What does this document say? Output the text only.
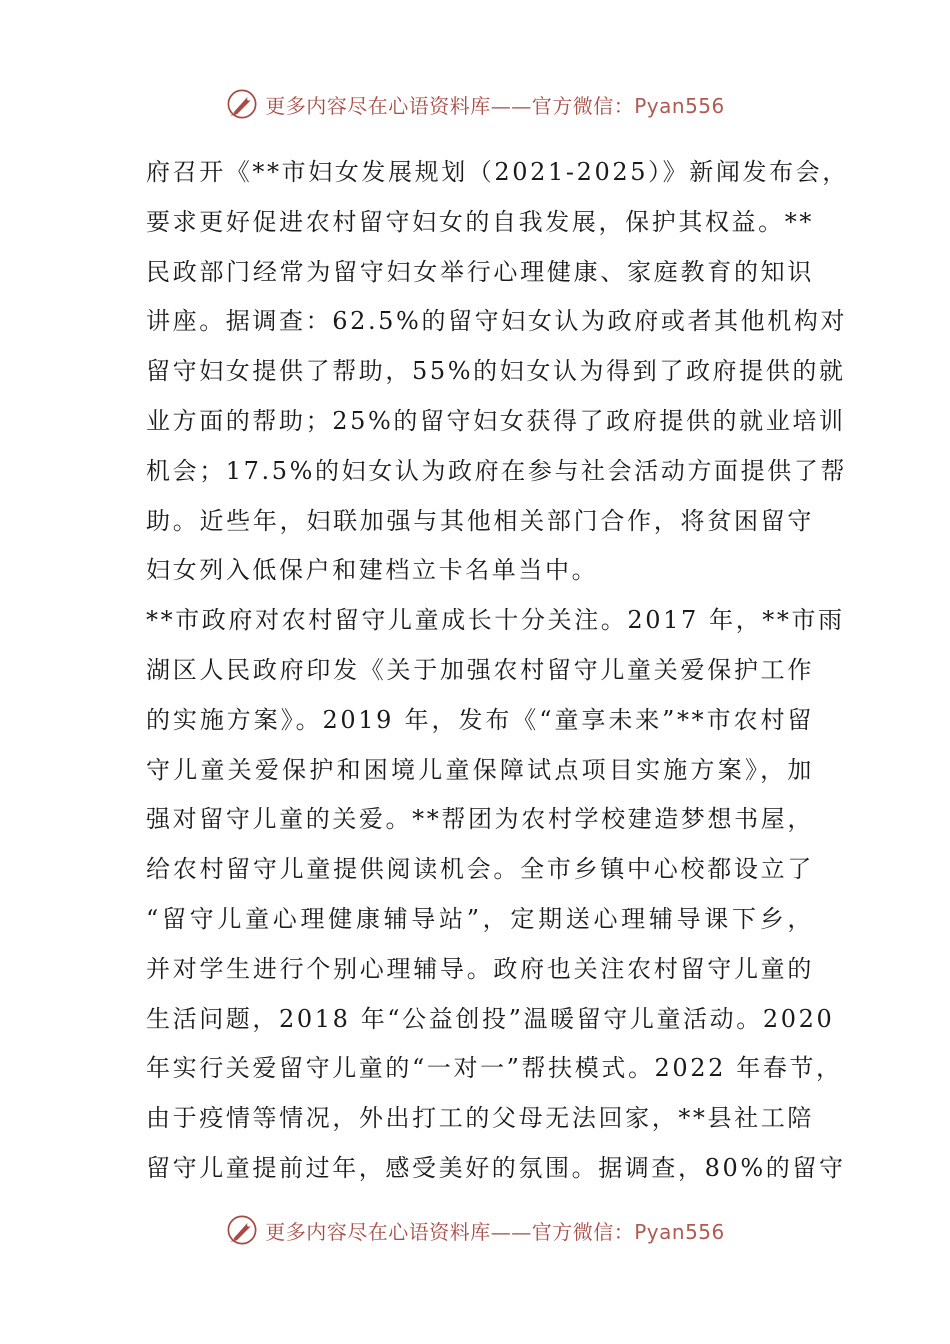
更多内容尽在心语资料库——官方微信：Pyan556
府召开《**市妇女发展规划（2021-2025）》新闻发布会，
要求更好促进农村留守妇女的自我发展，保护其权益。**
民政部门经常为留守妇女举行心理健康、家庭教育的知识
讲座。据调查：62.5%的留守妇女认为政府或者其他机构对
留守妇女提供了帮助，55%的妇女认为得到了政府提供的就
业方面的帮助；25%的留守妇女获得了政府提供的就业培训
机会；17.5%的妇女认为政府在参与社会活动方面提供了帮
助。近些年，妇联加强与其他相关部门合作，将贫困留守
妇女列入低保户和建档立卡名单当中。
**市政府对农村留守儿童成长十分关注。2017 年，**市雨
湖区人民政府印发《关于加强农村留守儿童关爱保护工作
的实施方案》。2019 年，发布《“童享未来”**市农村留
守儿童关爱保护和困境儿童保障试点项目实施方案》，加
强对留守儿童的关爱。**帮团为农村学校建造梦想书屋，
给农村留守儿童提供阅读机会。全市乡镇中心校都设立了
“留守儿童心理健康辅导站”，定期送心理辅导课下乡，
并对学生进行个别心理辅导。政府也关注农村留守儿童的
生活问题，2018 年“公益创投”温暖留守儿童活动。2020
年实行关爱留守儿童的“一对一”帮扶模式。2022 年春节，
由于疫情等情况，外出打工的父母无法回家，**县社工陪
留守儿童提前过年，感受美好的氛围。据调查，80%的留守
更多内容尽在心语资料库——官方微信：Pyan556
